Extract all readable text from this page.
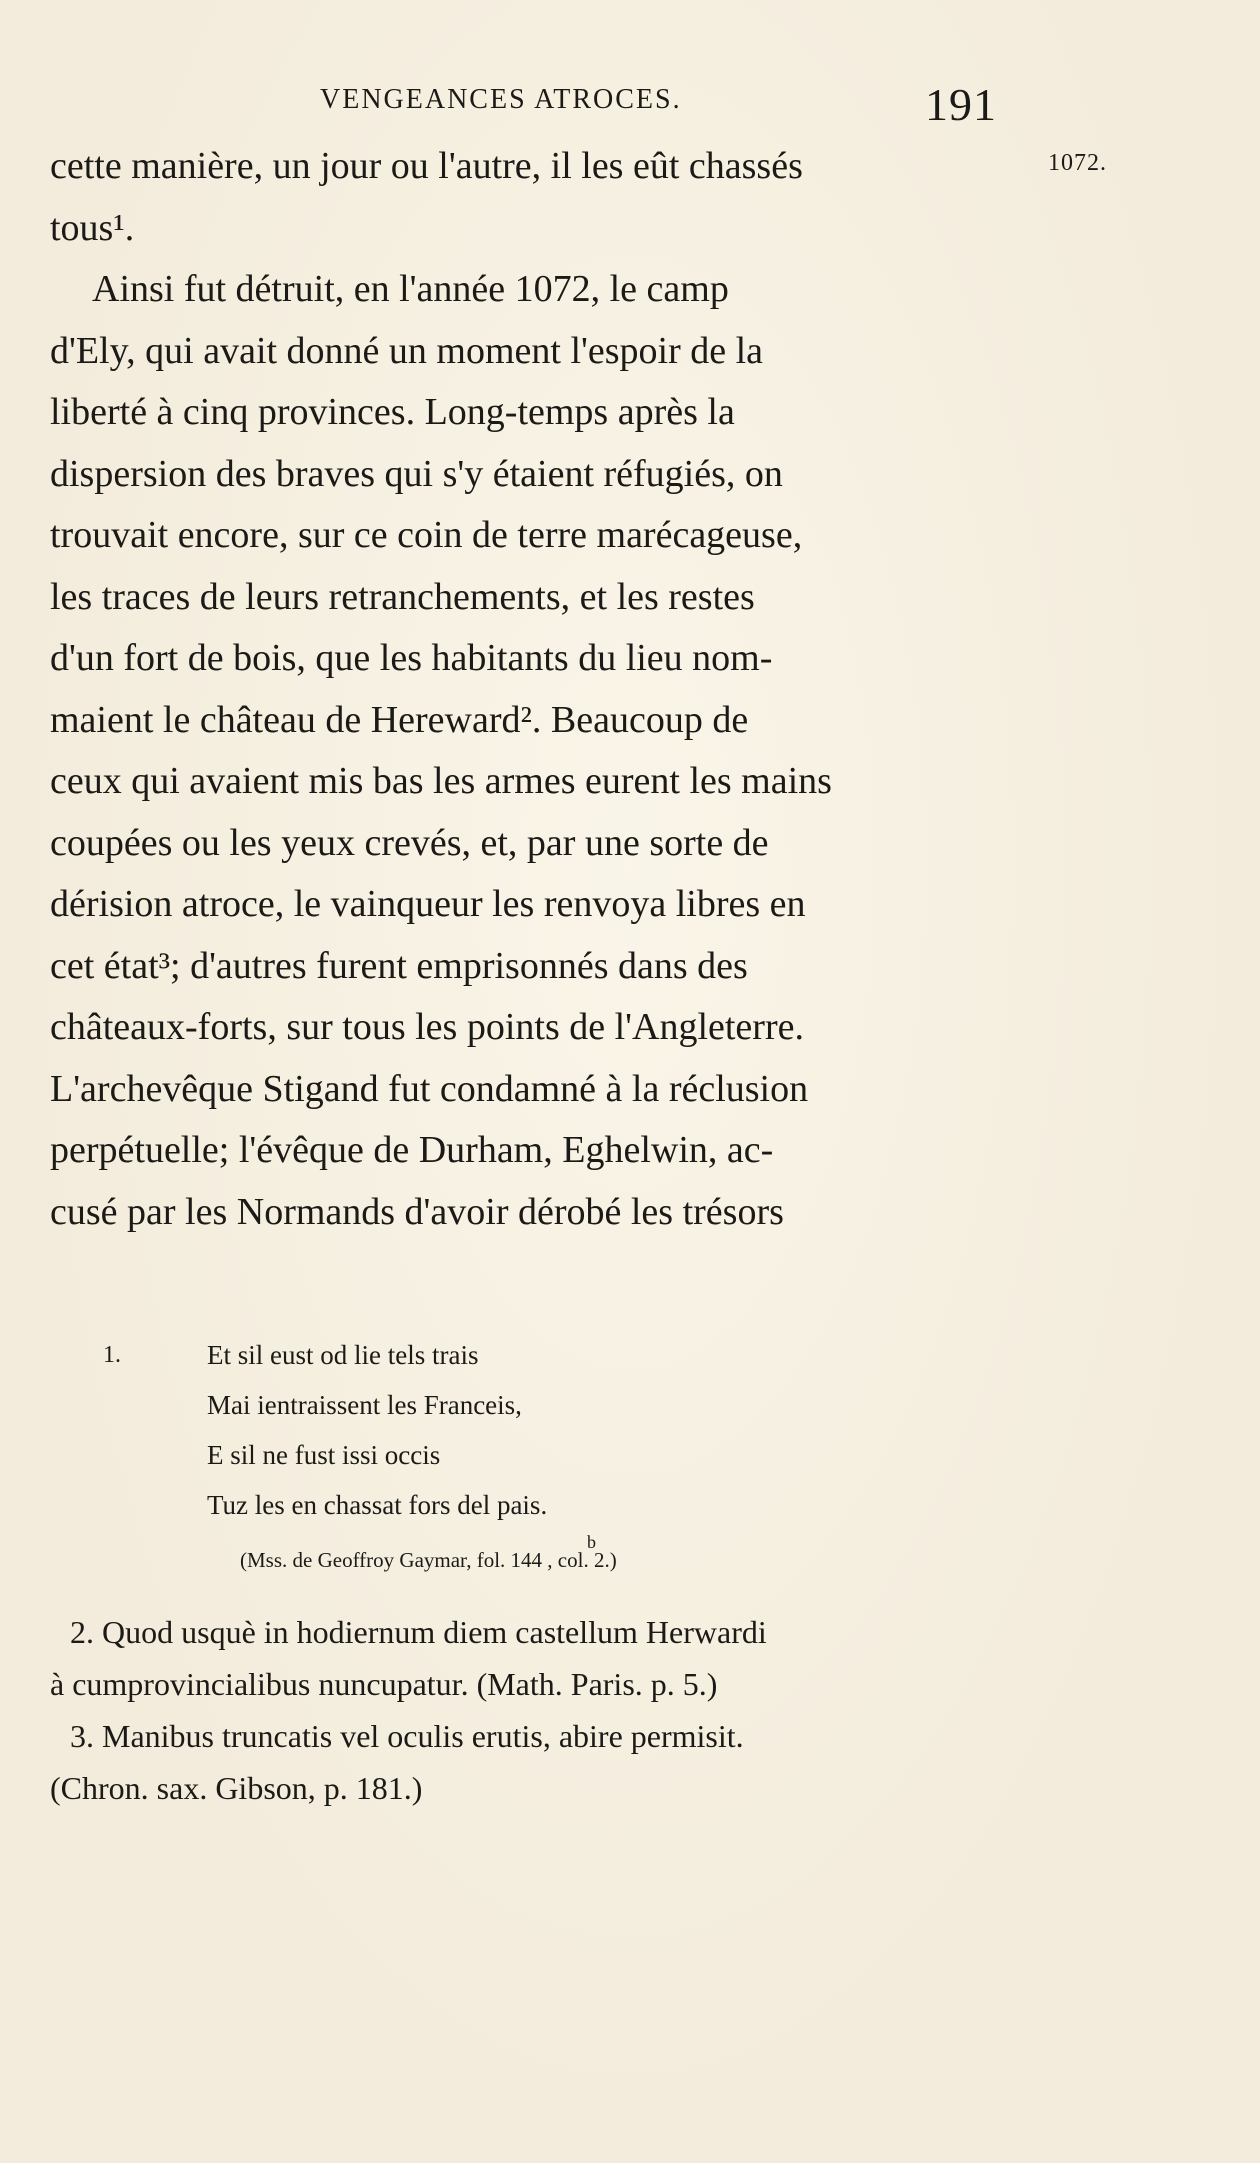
VENGEANCES ATROCES.	191
1072.
cette manière, un jour ou l'autre, il les eût chassés
tous¹.
Ainsi fut détruit, en l'année 1072, le camp
d'Ely, qui avait donné un moment l'espoir de la
liberté à cinq provinces. Long-temps après la
dispersion des braves qui s'y étaient réfugiés, on
trouvait encore, sur ce coin de terre marécageuse,
les traces de leurs retranchements, et les restes
d'un fort de bois, que les habitants du lieu nom-
maient le château de Hereward². Beaucoup de
ceux qui avaient mis bas les armes eurent les mains
coupées ou les yeux crevés, et, par une sorte de
dérision atroce, le vainqueur les renvoya libres en
cet état³; d'autres furent emprisonnés dans des
châteaux-forts, sur tous les points de l'Angleterre.
L'archevêque Stigand fut condamné à la réclusion
perpétuelle; l'évêque de Durham, Eghelwin, ac-
cusé par les Normands d'avoir dérobé les trésors
1.	Et sil eust od lie tels trais
Mai ientraissent les Franceis,
E sil ne fust issi occis
Tuz les en chassat fors del pais.
(Mss. de Geoffroy Gaymar, fol. 144 , col. 2.)
b
2. Quod usquè in hodiernum diem castellum Herwardi
à cumprovincialibus nuncupatur. (Math. Paris. p. 5.)
3. Manibus truncatis vel oculis erutis, abire permisit.
(Chron. sax. Gibson, p. 181.)
